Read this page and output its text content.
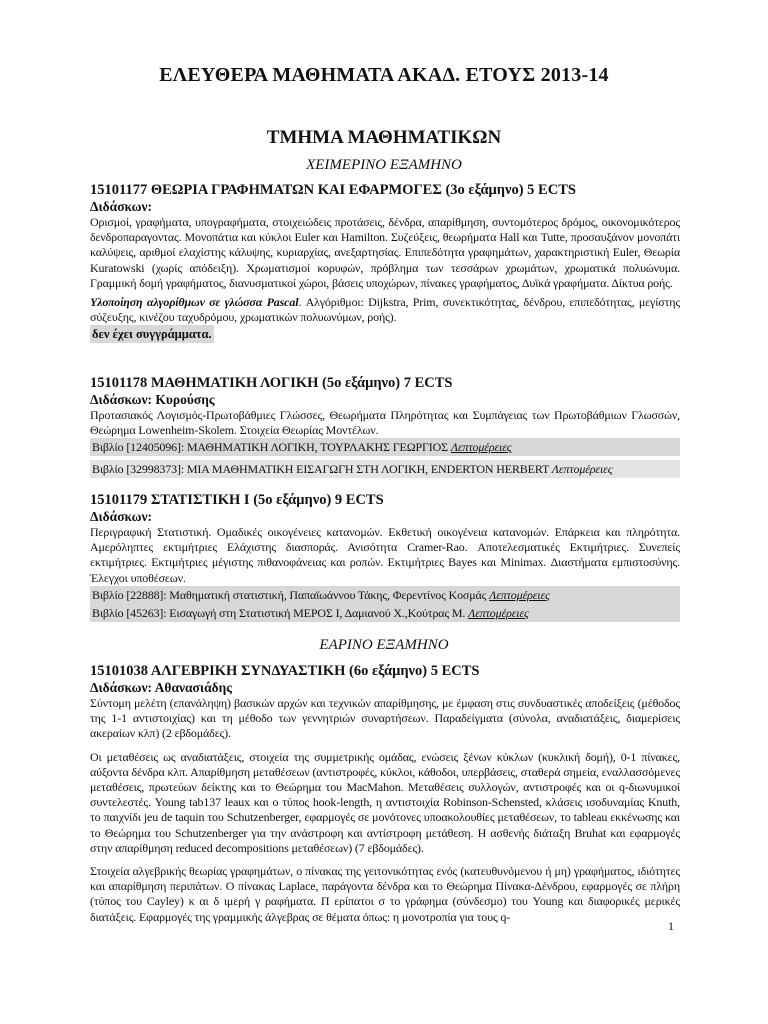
ΕΛΕΥΘΕΡΑ ΜΑΘΗΜΑΤΑ ΑΚΑΔ. ΕΤΟΥΣ 2013-14
ΤΜΗΜΑ ΜΑΘΗΜΑΤΙΚΩΝ
ΧΕΙΜΕΡΙΝΟ ΕΞΑΜΗΝΟ

15101177 ΘΕΩΡΙΑ ΓΡΑΦΗΜΑΤΩΝ ΚΑΙ ΕΦΑΡΜΟΓΕΣ (3ο εξάμηνο) 5 ECTS

Διδάσκων:

Ορισμοί, γραφήματα, υπογραφήματα, στοιχειώδεις προτάσεις, δένδρα, απαρίθμηση, συντομότερος δρόμος, οικονομικότερος δενδροπαραγοντας. Μονοπάτια και κύκλοι Euler και Hamilton. Συζεύξεις, θεωρήματα Hall και Tutte, προσαυξάνον μονοπάτι καλύψεις, αριθμοί ελαχίστης κάλυψης, κυριαρχίας, ανεξαρτησίας. Επιπεδότητα γραφημάτων, χαρακτηριστική Euler, Θεωρία Kuratowski (χωρίς απόδειξη). Χρωματισμοί κορυφών, πρόβλημα των τεσσάρων χρωμάτων, χρωματικά πολυώνυμα. Γραμμική δομή γραφήματος, διανυσματικοί χώροι, βάσεις υποχώρων, πίνακες γραφήματος, Δυϊκά γραφήματα. Δίκτυα ροής.

Υλοποίηση αλγορίθμων σε γλώσσα Pascal. Αλγόριθμοι: Dijkstra, Prim, συνεκτικότητας, δένδρου, επιπεδότητας, μεγίστης σύζευξης, κινέζου ταχυδρόμου, χρωματικών πολυωνύμων, ροής).

δεν έχει συγγράμματα.

15101178 ΜΑΘΗΜΑΤΙΚΗ ΛΟΓΙΚΗ (5ο εξάμηνο) 7 ECTS

Διδάσκων: Κυρούσης

Προτασιακός Λογισμός-Πρωτοβάθμιες Γλώσσες, Θεωρήματα Πληρότητας και Συμπάγειας των Πρωτοβάθμιων Γλωσσών, Θεώρημα Lowenheim-Skolem. Στοιχεία Θεωρίας Μοντέλων.

Βιβλίο [12405096]: ΜΑΘΗΜΑΤΙΚΗ ΛΟΓΙΚΗ, ΤΟΥΡΛΑΚΗΣ ΓΕΩΡΓΙΟΣ Λεπτομέρειες

Βιβλίο [32998373]: ΜΙΑ ΜΑΘΗΜΑΤΙΚΗ ΕΙΣΑΓΩΓΗ ΣΤΗ ΛΟΓΙΚΗ, ENDERTON HERBERT Λεπτομέρειες

15101179 ΣΤΑΤΙΣΤΙΚΗ Ι (5ο εξάμηνο) 9 ECTS

Διδάσκων:

Περιγραφική Στατιστική. Ομαδικές οικογένειες κατανομών. Εκθετική οικογένεια κατανομών. Επάρκεια και πληρότητα. Αμερόληπτες εκτιμήτριες Ελάχιστης διασποράς. Ανισότητα Cramer-Rao. Αποτελεσματικές Εκτιμήτριες. Συνεπείς εκτιμήτριες. Εκτιμήτριες μέγιστης πιθανοφάνειας και ροπών. Εκτιμήτριες Bayes και Minimax. Διαστήματα εμπιστοσύνης. Έλεγχοι υποθέσεων.

Βιβλίο [22888]: Μαθηματική στατιστική, Παπαϊωάννου Τάκης, Φερεντίνος Κοσμάς Λεπτομέρειες

Βιβλίο [45263]: Εισαγωγή στη Στατιστική ΜΕΡΟΣ Ι, Δαμιανού Χ.,Κούτρας Μ. Λεπτομέρειες

ΕΑΡΙΝΟ ΕΞΑΜΗΝΟ

15101038 ΑΛΓΕΒΡΙΚΗ ΣΥΝΔΥΑΣΤΙΚΗ (6ο εξάμηνο) 5 ECTS

Διδάσκων: Αθανασιάδης

Σύντομη μελέτη (επανάληψη) βασικών αρχών και τεχνικών απαρίθμησης, με έμφαση στις συνδυαστικές αποδείξεις (μέθοδος της 1-1 αντιστοιχίας) και τη μέθοδο των γεννητριών συναρτήσεων. Παραδείγματα (σύνολα, αναδιατάξεις, διαμερίσεις ακεραίων κλπ) (2 εβδομάδες).

Οι μεταθέσεις ως αναδιατάξεις, στοιχεία της συμμετρικής ομάδας, ενώσεις ξένων κύκλων (κυκλική δομή), 0-1 πίνακες, αύξοντα δένδρα κλπ. Απαρίθμηση μεταθέσεων (αντιστροφές, κύκλοι, κάθοδοι, υπερβάσεις, σταθερά σημεία, εναλλασσόμενες μεταθέσεις, πρωτεύων δείκτης και το Θεώρημα του MacMahon. Μεταθέσεις συλλογών, αντιστροφές και οι q-διωνυμικοί συντελεστές. Young tab137 leaux και ο τύπος hook-length, η αντιστοιχία Robinson-Schensted, κλάσεις ισοδυναμίας Knuth, το παιχνίδι jeu de taquin του Schutzenberger, εφαρμογές σε μονότονες υποακολουθίες μεταθέσεων, το tableau εκκένωσης και το Θεώρημα του Schutzenberger για την ανάστροφη και αντίστροφη μετάθεση. Η ασθενής διάταξη Bruhat και εφαρμογές στην απαρίθμηση reduced decompositions μεταθέσεων) (7 εβδομάδες).

Στοιχεία αλγεβρικής θεωρίας γραφημάτων, ο πίνακας της γειτονικότητας ενός (κατευθυνόμενου ή μη) γραφήματος, ιδιότητες και απαρίθμηση περιπάτων. Ο πίνακας Laplace, παράγοντα δένδρα και το Θεώρημα Πίνακα-Δένδρου, εφαρμογές σε πλήρη (τύπος του Cayley) κ αι δ ιμερή γ ραφήματα. Π ερίπατοι σ το γράφημα (σύνδεσμο) του Young και διαφορικές μερικές διατάξεις. Εφαρμογές της γραμμικής άλγεβρας σε θέματα όπως: η μονοτροπία για τους q-

1
